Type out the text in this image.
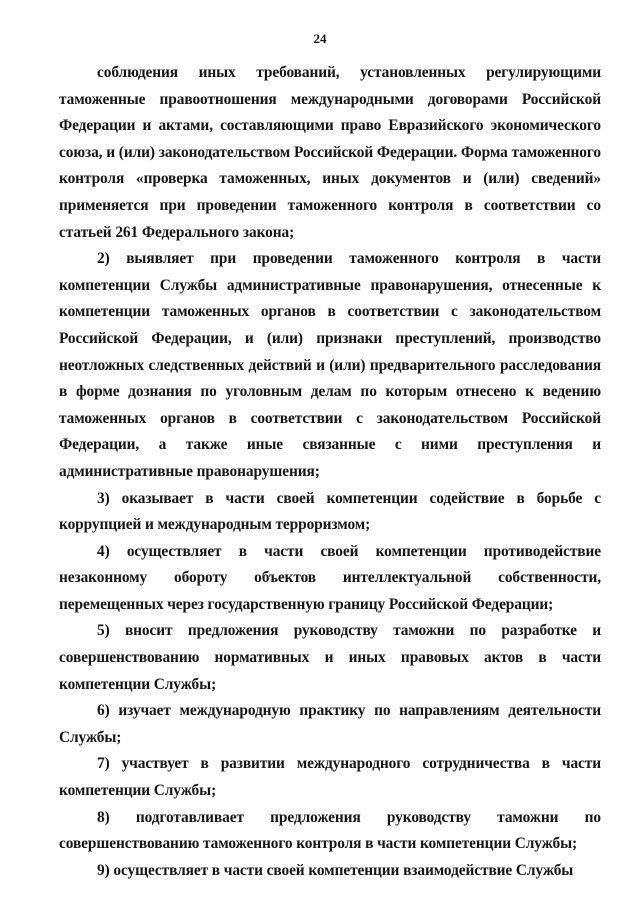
24

соблюдения иных требований, установленных регулирующими таможенные правоотношения международными договорами Российской Федерации и актами, составляющими право Евразийского экономического союза, и (или) законодательством Российской Федерации. Форма таможенного контроля «проверка таможенных, иных документов и (или) сведений» применяется при проведении таможенного контроля в соответствии со статьей 261 Федерального закона;

2) выявляет при проведении таможенного контроля в части компетенции Службы административные правонарушения, отнесенные к компетенции таможенных органов в соответствии с законодательством Российской Федерации, и (или) признаки преступлений, производство неотложных следственных действий и (или) предварительного расследования в форме дознания по уголовным делам по которым отнесено к ведению таможенных органов в соответствии с законодательством Российской Федерации, а также иные связанные с ними преступления и административные правонарушения;

3) оказывает в части своей компетенции содействие в борьбе с коррупцией и международным терроризмом;

4) осуществляет в части своей компетенции противодействие незаконному обороту объектов интеллектуальной собственности, перемещенных через государственную границу Российской Федерации;

5) вносит предложения руководству таможни по разработке и совершенствованию нормативных и иных правовых актов в части компетенции Службы;

6) изучает международную практику по направлениям деятельности Службы;

7) участвует в развитии международного сотрудничества в части компетенции Службы;

8) подготавливает предложения руководству таможни по совершенствованию таможенного контроля в части компетенции Службы;

9) осуществляет в части своей компетенции взаимодействие Службы
